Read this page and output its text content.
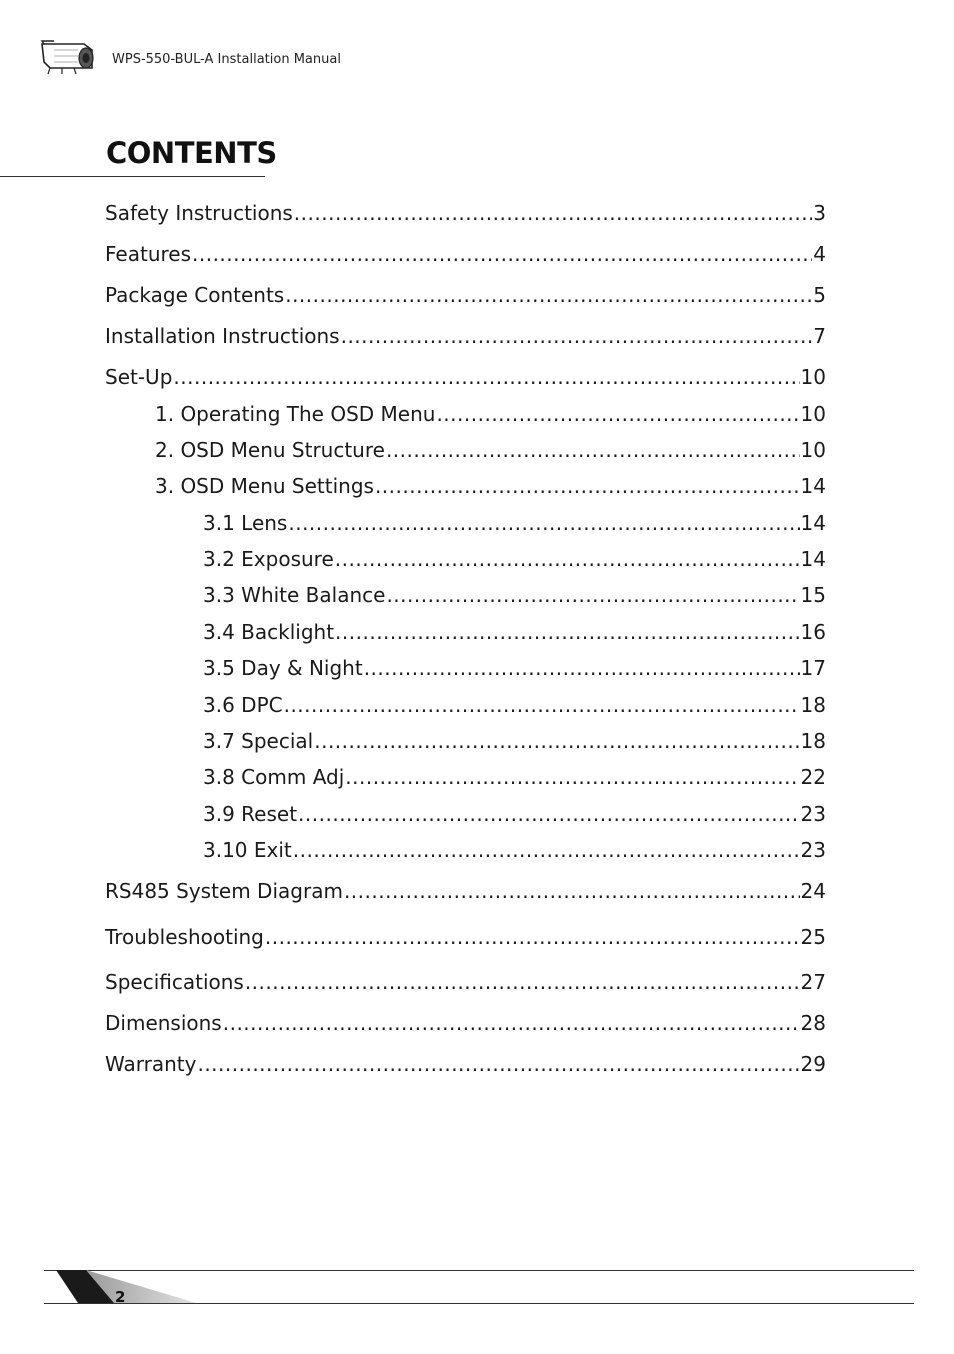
WPS-550-BUL-A Installation Manual
CONTENTS
Safety Instructions .....	3
Features .....	4
Package Contents .....	5
Installation Instructions .....	7
Set-Up .....	10
1. Operating The OSD Menu .....	10
2. OSD Menu Structure .....	10
3. OSD Menu Settings .....	14
3.1 Lens .....	14
3.2 Exposure .....	14
3.3 White Balance .....	15
3.4 Backlight .....	16
3.5 Day & Night .....	17
3.6 DPC .....	18
3.7 Special .....	18
3.8 Comm Adj .....	22
3.9 Reset .....	23
3.10 Exit .....	23
RS485 System Diagram .....	24
Troubleshooting .....	25
Specifications .....	27
Dimensions .....	28
Warranty .....	29
2
